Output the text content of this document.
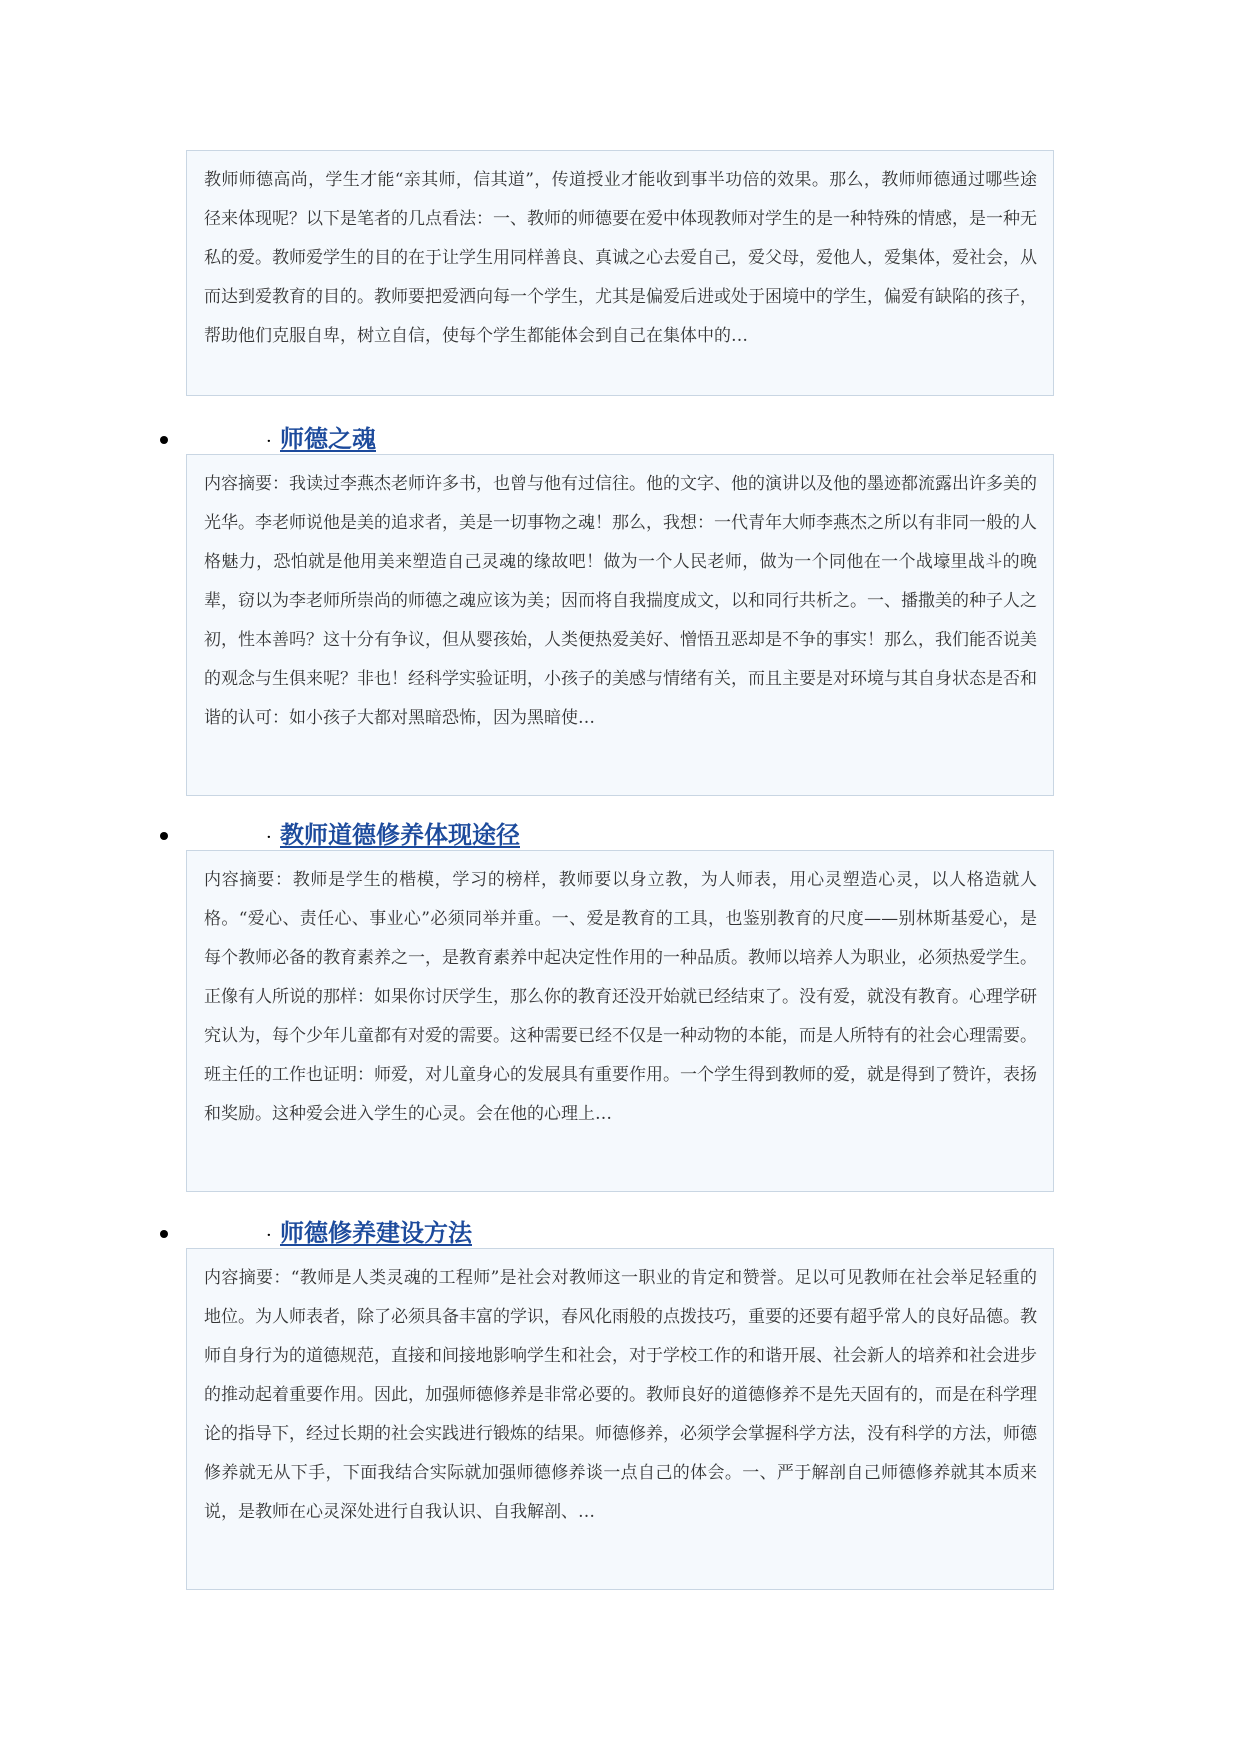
教师师德高尚，学生才能“亲其师，信其道”，传道授业才能收到事半功倍的效果。那么，教师师德通过哪些途径来体现呢？以下是笔者的几点看法：一、教师的师德要在爱中体现教师对学生的是一种特殊的情感，是一种无私的爱。教师爱学生的目的在于让学生用同样善良、真诚之心去爱自己，爱父母，爱他人，爱集体，爱社会，从而达到爱教育的目的。教师要把爱洒向每一个学生，尤其是偏爱后进或处于困境中的学生，偏爱有缺陷的孩子，帮助他们克服自卑，树立自信，使每个学生都能体会到自己在集体中的…

· 师德之魂

内容摘要：我读过李燕杰老师许多书，也曾与他有过信往。他的文字、他的演讲以及他的墨迹都流露出许多美的光华。李老师说他是美的追求者，美是一切事物之魂！那么，我想：一代青年大师李燕杰之所以有非同一般的人格魅力，恐怕就是他用美来塑造自己灵魂的缘故吧！做为一个人民老师，做为一个同他在一个战壕里战斗的晚辈，窃以为李老师所崇尚的师德之魂应该为美；因而将自我揣度成文，以和同行共析之。一、播撒美的种子人之初，性本善吗？这十分有争议，但从婴孩始，人类便热爱美好、憎悟丑恶却是不争的事实！那么，我们能否说美的观念与生俱来呢？非也！经科学实验证明，小孩子的美感与情绪有关，而且主要是对环境与其自身状态是否和谐的认可：如小孩子大都对黑暗恐怖，因为黑暗使…

· 教师道德修养体现途径

内容摘要：教师是学生的楷模，学习的榜样，教师要以身立教，为人师表，用心灵塑造心灵，以人格造就人格。“爱心、责任心、事业心”必须同举并重。一、爱是教育的工具，也鉴别教育的尺度——别林斯基爱心，是每个教师必备的教育素养之一，是教育素养中起决定性作用的一种品质。教师以培养人为职业，必须热爱学生。正像有人所说的那样：如果你讨厌学生，那么你的教育还没开始就已经结束了。没有爱，就没有教育。心理学研究认为，每个少年儿童都有对爱的需要。这种需要已经不仅是一种动物的本能，而是人所特有的社会心理需要。班主任的工作也证明：师爱，对儿童身心的发展具有重要作用。一个学生得到教师的爱，就是得到了赞许，表扬和奖励。这种爱会进入学生的心灵。会在他的心理上…

· 师德修养建设方法

内容摘要：“教师是人类灵魂的工程师”是社会对教师这一职业的肯定和赞誉。足以可见教师在社会举足轻重的地位。为人师表者，除了必须具备丰富的学识，春风化雨般的点拨技巧，重要的还要有超乎常人的良好品德。教师自身行为的道德规范，直接和间接地影响学生和社会，对于学校工作的和谐开展、社会新人的培养和社会进步的推动起着重要作用。因此，加强师德修养是非常必要的。教师良好的道德修养不是先天固有的，而是在科学理论的指导下，经过长期的社会实践进行锻炼的结果。师德修养，必须学会掌握科学方法，没有科学的方法，师德修养就无从下手，下面我结合实际就加强师德修养谈一点自己的体会。一、严于解剖自己师德修养就其本质来说，是教师在心灵深处进行自我认识、自我解剖、…
